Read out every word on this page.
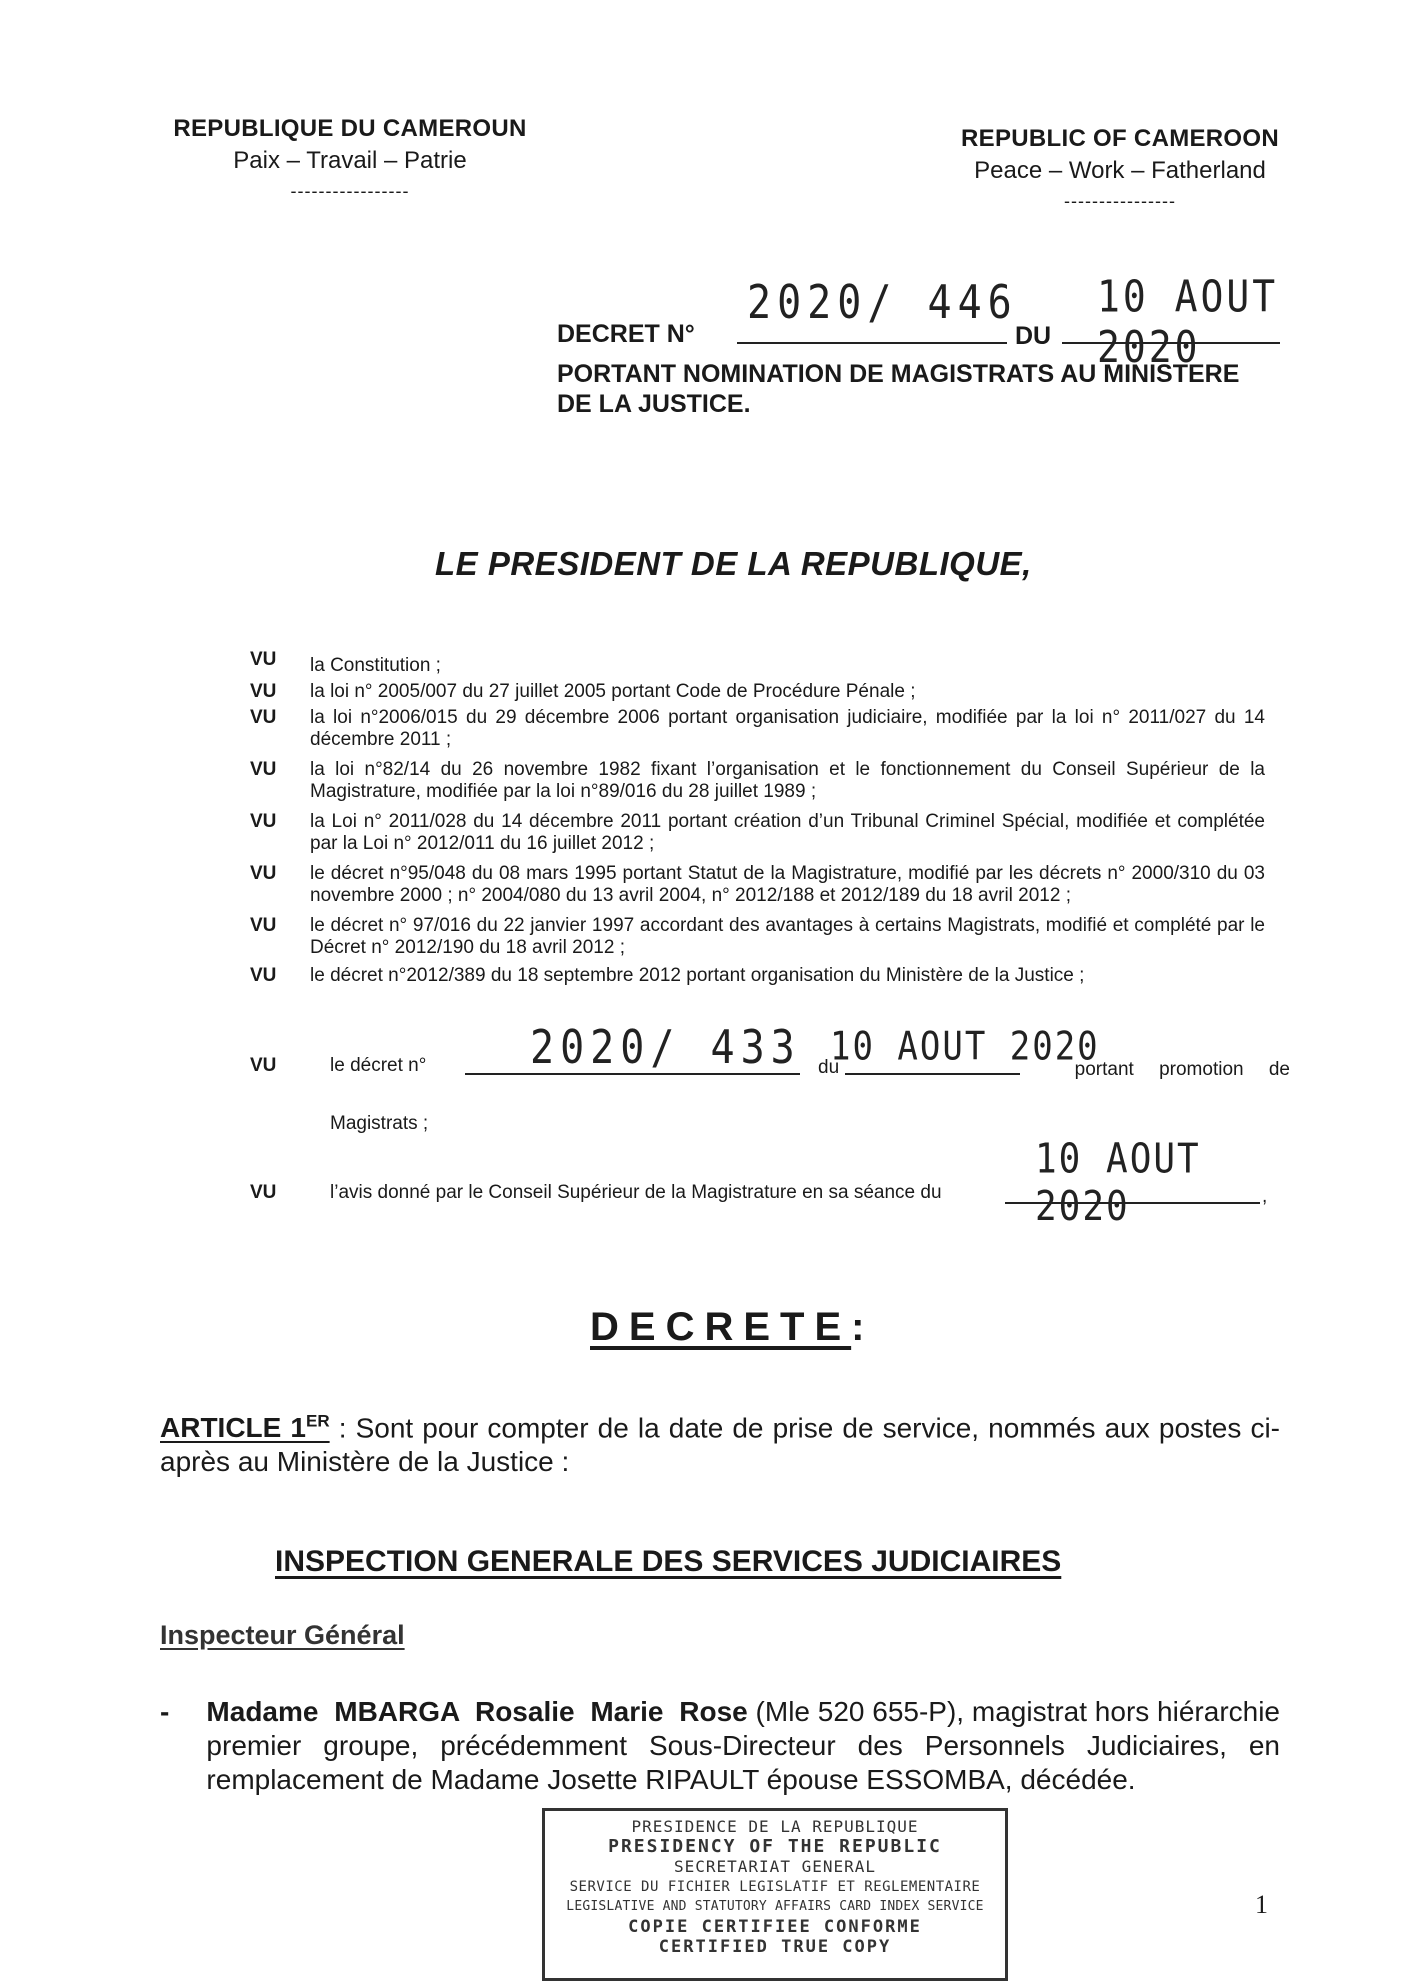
REPUBLIQUE DU CAMEROUN
Paix – Travail – Patrie
-----------------
REPUBLIC OF CAMEROON
Peace – Work – Fatherland
----------------
DECRET N°
2020/ 446
DU
10 AOUT 2020
PORTANT NOMINATION DE MAGISTRATS AU MINISTERE
DE LA JUSTICE.
LE PRESIDENT DE LA REPUBLIQUE,
VU	la Constitution ;
VU	la loi n° 2005/007 du 27 juillet 2005 portant Code de Procédure Pénale ;
VU	la loi n°2006/015 du 29 décembre 2006 portant organisation judiciaire, modifiée par la loi n° 2011/027 du 14 décembre 2011 ;
VU	la loi n°82/14 du 26 novembre 1982 fixant l’organisation et le fonctionnement du Conseil Supérieur de la Magistrature, modifiée par la loi n°89/016 du 28 juillet 1989 ;
VU	la Loi n° 2011/028 du 14 décembre 2011 portant création d’un Tribunal Criminel Spécial, modifiée et complétée par la Loi n° 2012/011 du 16 juillet 2012 ;
VU	le décret n°95/048 du 08 mars 1995 portant Statut de la Magistrature, modifié par les décrets n° 2000/310 du 03 novembre 2000 ; n° 2004/080 du 13 avril 2004, n° 2012/188 et 2012/189 du 18 avril 2012 ;
VU	le décret n° 97/016 du 22 janvier 1997 accordant des avantages à certains Magistrats, modifié et complété par le Décret n° 2012/190 du 18 avril 2012 ;
VU	le décret n°2012/389 du 18 septembre 2012 portant organisation du Ministère de la Justice ;
VU	le décret n°	2020/ 433 du
10 AOUT 2020
portant promotion de
Magistrats ;
VU	l’avis donné par le Conseil Supérieur de la Magistrature en sa séance du
10 AOUT 2020	,
DECRETE:
ARTICLE 1ER : Sont pour compter de la date de prise de service, nommés aux postes ci-après au Ministère de la Justice :
INSPECTION GENERALE DES SERVICES JUDICIAIRES
Inspecteur Général
-	Madame MBARGA Rosalie Marie Rose (Mle 520 655-P), magistrat hors hiérarchie premier groupe, précédemment Sous-Directeur des Personnels Judiciaires, en remplacement de Madame Josette RIPAULT épouse ESSOMBA, décédée.
PRESIDENCE DE LA REPUBLIQUE
PRESIDENCY OF THE REPUBLIC
SECRETARIAT GENERAL
SERVICE DU FICHIER LEGISLATIF ET REGLEMENTAIRE
LEGISLATIVE AND STATUTORY AFFAIRS CARD INDEX SERVICE
COPIE CERTIFIEE CONFORME
CERTIFIED TRUE COPY
1
